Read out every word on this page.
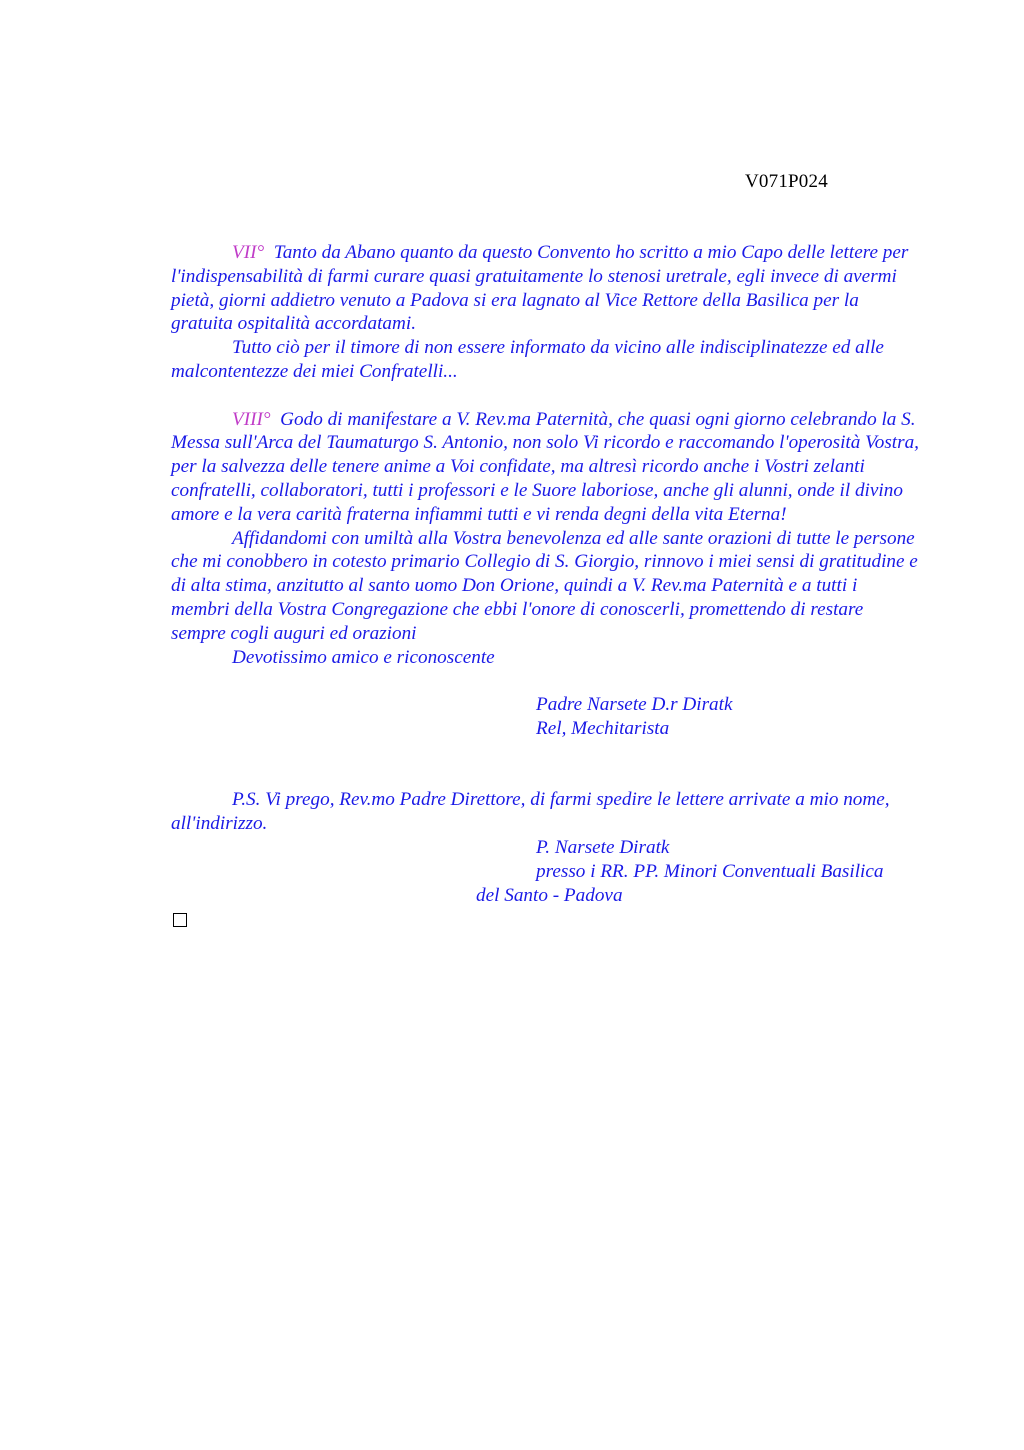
V071P024

VII° Tanto da Abano quanto da questo Convento ho scritto a mio Capo delle lettere per l'indispensabilità di farmi curare quasi gratuitamente lo stenosi uretrale, egli invece di avermi pietà, giorni addietro venuto a Padova si era lagnato al Vice Rettore della Basilica per la gratuita ospitalità accordatami.

Tutto ciò per il timore di non essere informato da vicino alle indisciplinatezze ed alle malcontentezze dei miei Confratelli...

VIII° Godo di manifestare a V. Rev.ma Paternità, che quasi ogni giorno celebrando la S. Messa sull'Arca del Taumaturgo S. Antonio, non solo Vi ricordo e raccomando l'operosità Vostra, per la salvezza delle tenere anime a Voi confidate, ma altresì ricordo anche i Vostri zelanti confratelli, collaboratori, tutti i professori e le Suore laboriose, anche gli alunni, onde il divino amore e la vera carità fraterna infiammi tutti e vi renda degni della vita Eterna!

Affidandomi con umiltà alla Vostra benevolenza ed alle sante orazioni di tutte le persone che mi conobbero in cotesto primario Collegio di S. Giorgio, rinnovo i miei sensi di gratitudine e di alta stima, anzitutto al santo uomo Don Orione, quindi a V. Rev.ma Paternità e a tutti i membri della Vostra Congregazione che ebbi l'onore di conoscerli, promettendo di restare sempre cogli auguri ed orazioni

Devotissimo amico e riconoscente

Padre Narsete D.r Diratk

Rel, Mechitarista

P.S. Vi prego, Rev.mo Padre Direttore, di farmi spedire le lettere arrivate a mio nome, all'indirizzo.

P. Narsete Diratk

presso i RR. PP. Minori Conventuali Basilica

del Santo - Padova
